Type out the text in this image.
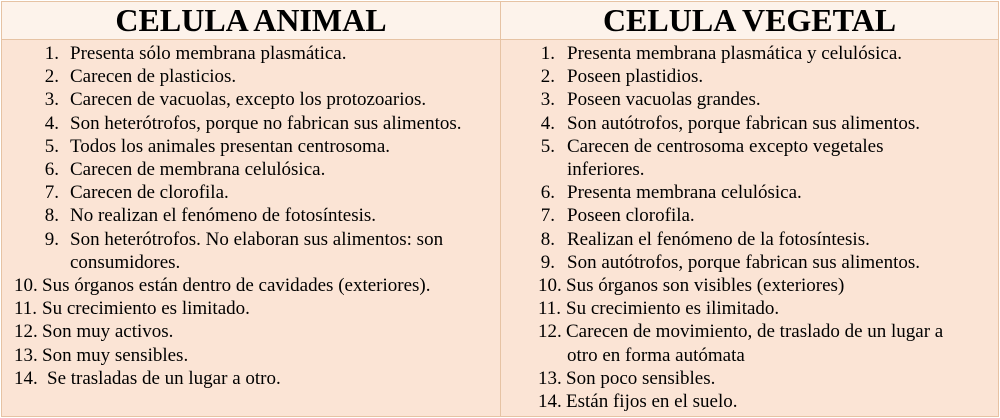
CELULA ANIMAL	CELULA VEGETAL
1. Presenta sólo membrana plasmática.
2. Carecen de plasticios.
3. Carecen de vacuolas, excepto los protozoarios.
4. Son heterótrofos, porque no fabrican sus alimentos.
5. Todos los animales presentan centrosoma.
6. Carecen de membrana celulósica.
7. Carecen de clorofila.
8. No realizan el fenómeno de fotosíntesis.
9. Son heterótrofos. No elaboran sus alimentos: son
consumidores.
10. Sus órganos están dentro de cavidades (exteriores).
11. Su crecimiento es limitado.
12. Son muy activos.
13. Son muy sensibles.
14. Se trasladas de un lugar a otro.
1. Presenta membrana plasmática y celulósica.
2. Poseen plastidios.
3. Poseen vacuolas grandes.
4. Son autótrofos, porque fabrican sus alimentos.
5. Carecen de centrosoma excepto vegetales
inferiores.
6. Presenta membrana celulósica.
7. Poseen clorofila.
8. Realizan el fenómeno de la fotosíntesis.
9. Son autótrofos, porque fabrican sus alimentos.
10. Sus órganos son visibles (exteriores)
11. Su crecimiento es ilimitado.
12. Carecen de movimiento, de traslado de un lugar a
otro en forma autómata
13. Son poco sensibles.
14. Están fijos en el suelo.
